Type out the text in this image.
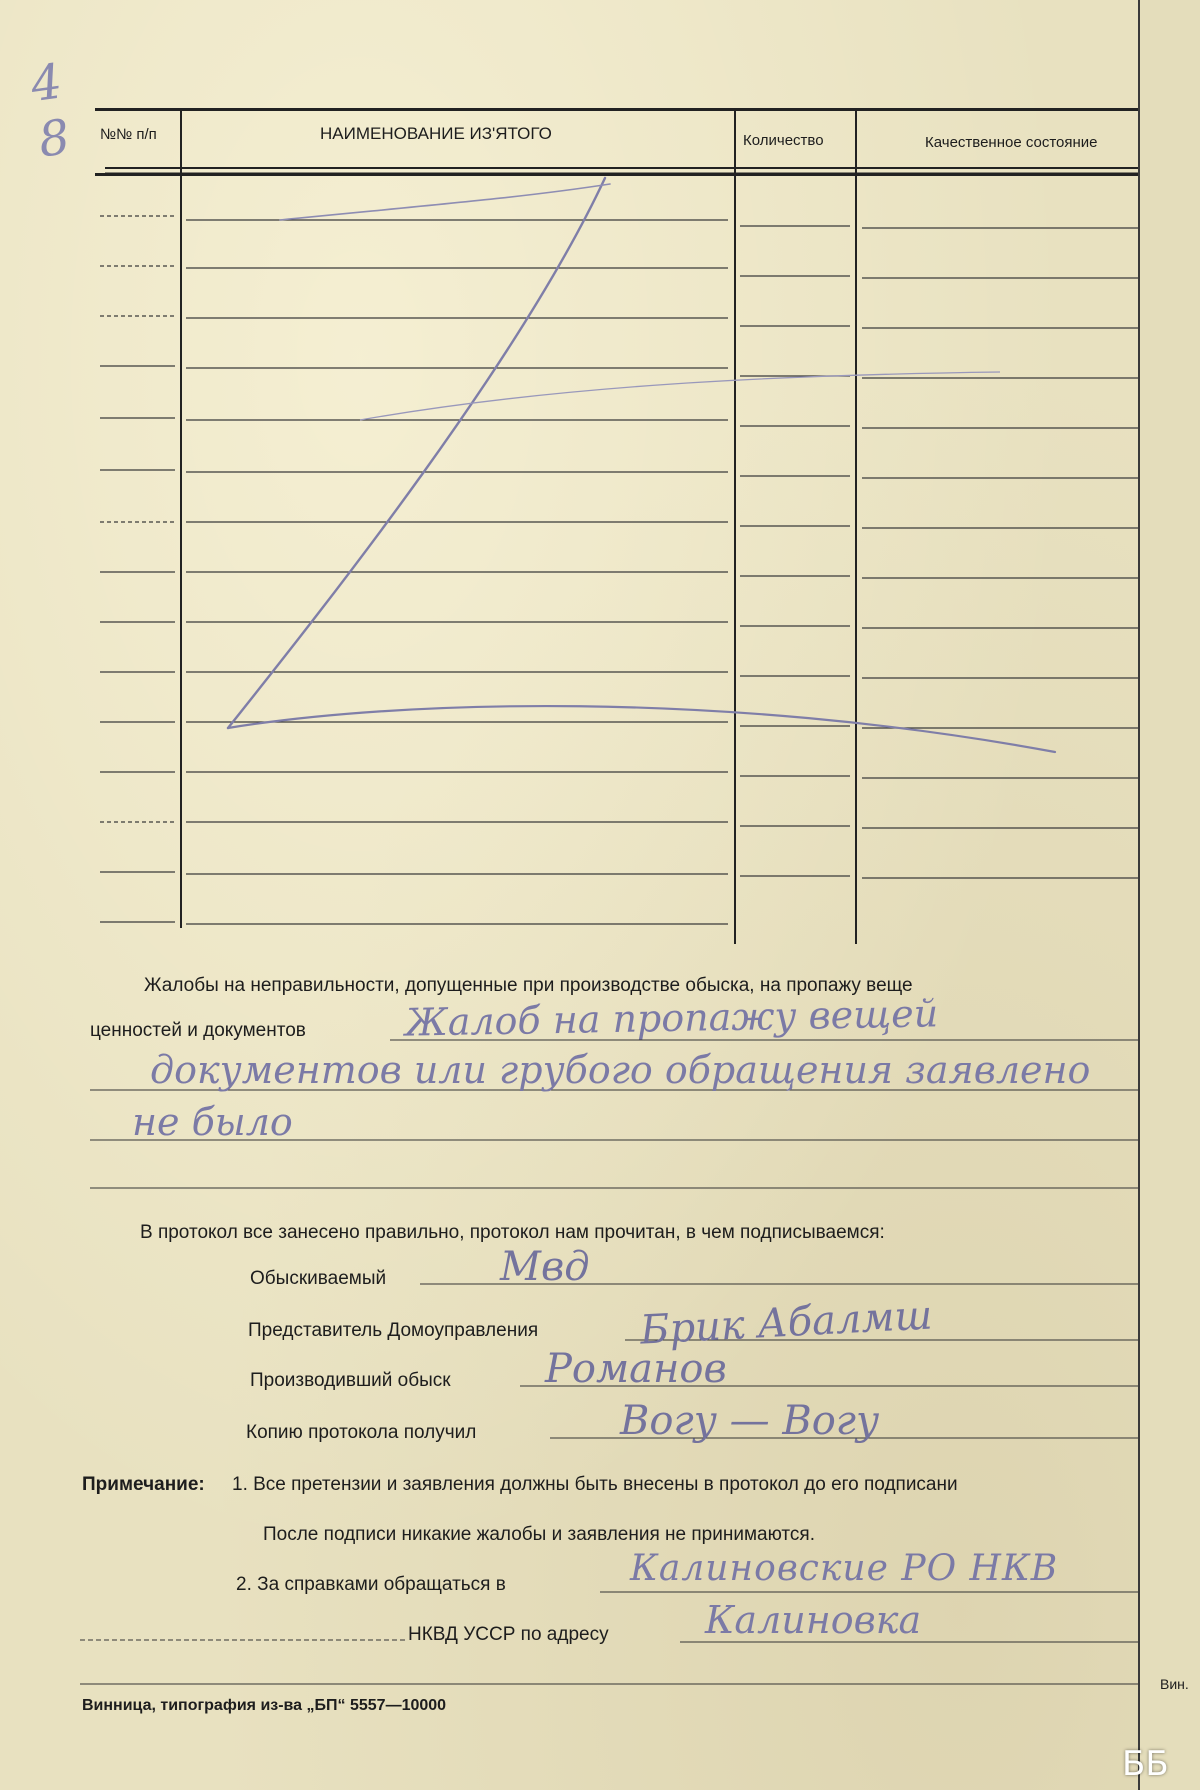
4
8 №№ п/п	НАИМЕНОВАНИЕ ИЗ'ЯТОГО	Количество	Качественное состояние
Жалобы на неправильности, допущенные при производстве обыска, на пропажу веще
ценностей и документов	Жалоб на пропажу вещей
документов или грубого обращения заявлено
не было
В протокол все занесено правильно, протокол нам прочитан, в чем подписываемся:
Обыскиваемый	Мвд
Представитель Домоуправления	Брик Абалмш
Производивший обыск Романов
Копию протокола получил	Вогу — Вогу
Примечание: 1. Все претензии и заявления должны быть внесены в протокол до его подписани
После подписи никакие жалобы и заявления не принимаются.
2. За справками обращаться в	Калиновские РО НКВ
НКВД УССР по адресу	Калиновка
Винница, типография из-ва „БП“ 5557—10000
Вин.
ББ
